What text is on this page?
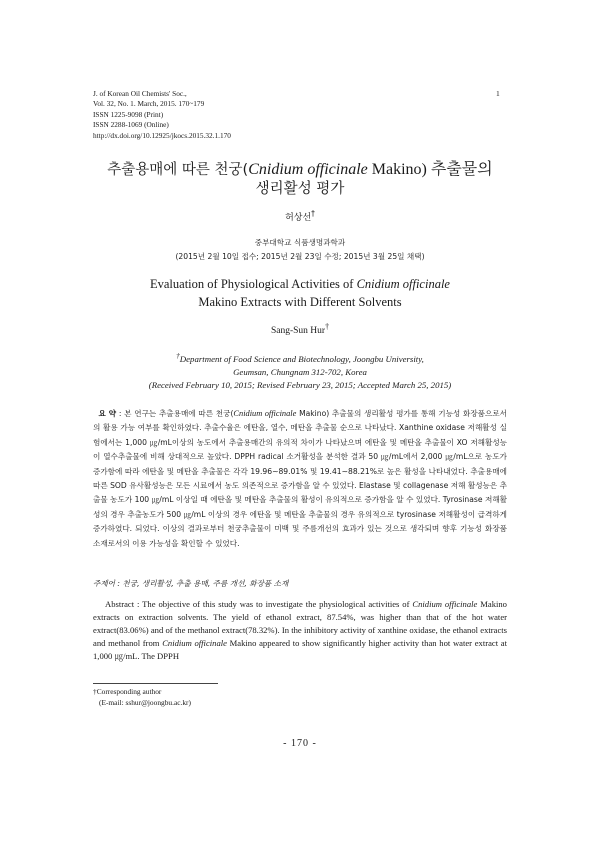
J. of Korean Oil Chemists' Soc.,
Vol. 32, No. 1. March, 2015. 170~179
ISSN 1225-9098 (Print)
ISSN 2288-1069 (Online)
http://dx.doi.org/10.12925/jkocs.2015.32.1.170
1
추출용매에 따른 천궁(Cnidium officinale Makino) 추출물의
생리활성 평가
허상선†
중부대학교 식품생명과학과
(2015년 2월 10일 접수; 2015년 2월 23일 수정; 2015년 3월 25일 채택)
Evaluation of Physiological Activities of Cnidium officinale
Makino Extracts with Different Solvents
Sang-Sun Hur†
†Department of Food Science and Biotechnology, Joongbu University,
Geumsan, Chungnam 312-702, Korea
(Received February 10, 2015; Revised February 23, 2015; Accepted March 25, 2015)
요 약 : 본 연구는 추출용매에 따른 천궁(Cnidium officinale Makino) 추출물의 생리활성 평가를 통해 기능성 화장품으로서의 활용 가능 여부를 확인하였다. 추출수율은 에탄올, 열수, 메탄올 추출물 순으로 나타났다. Xanthine oxidase 저해활성 실험에서는 1,000 ㎍/mL이상의 농도에서 추출용매간의 유의적 차이가 나타났으며 에탄올 및 메탄올 추출물이 XO 저해활성능이 열수추출물에 비해 상대적으로 높았다. DPPH radical 소거활성을 분석한 결과 50 ㎍/mL에서 2,000 ㎍/mL으로 농도가 증가함에 따라 에탄올 및 메탄올 추출물은 각각 19.96~89.01% 및 19.41~88.21%로 높은 활성을 나타내었다. 추출용매에 따른 SOD 유사활성능은 모든 시료에서 농도 의존적으로 증가함을 알 수 있었다. Elastase 및 collagenase 저해 활성능은 추출물 농도가 100 ㎍/mL 이상일 때 에탄올 및 메탄올 추출물의 활성이 유의적으로 증가함을 알 수 있었다. Tyrosinase 저해활성의 경우 추출농도가 500 ㎍/mL 이상의 경우 에탄올 및 메탄올 추출물의 경우 유의적으로 tyrosinase 저해활성이 급격하게 증가하였다. 되었다. 이상의 결과로부터 천궁추출물이 미백 및 주름개선의 효과가 있는 것으로 생각되며 향후 기능성 화장품 소재로서의 이용 가능성을 확인할 수 있었다.
주제어 : 천궁, 생리활성, 추출 용매, 주름 개선, 화장품 소재
Abstract : The objective of this study was to investigate the physiological activities of Cnidium officinale Makino extracts on extraction solvents. The yield of ethanol extract, 87.54%, was higher than that of the hot water extract(83.06%) and of the methanol extract(78.32%). In the inhibitory activity of xanthine oxidase, the ethanol extracts and methanol from Cnidium officinale Makino appeared to show significantly higher activity than hot water extract at 1,000 ㎍/mL. The DPPH
†Corresponding author
(E-mail: sshur@joongbu.ac.kr)
- 170 -
